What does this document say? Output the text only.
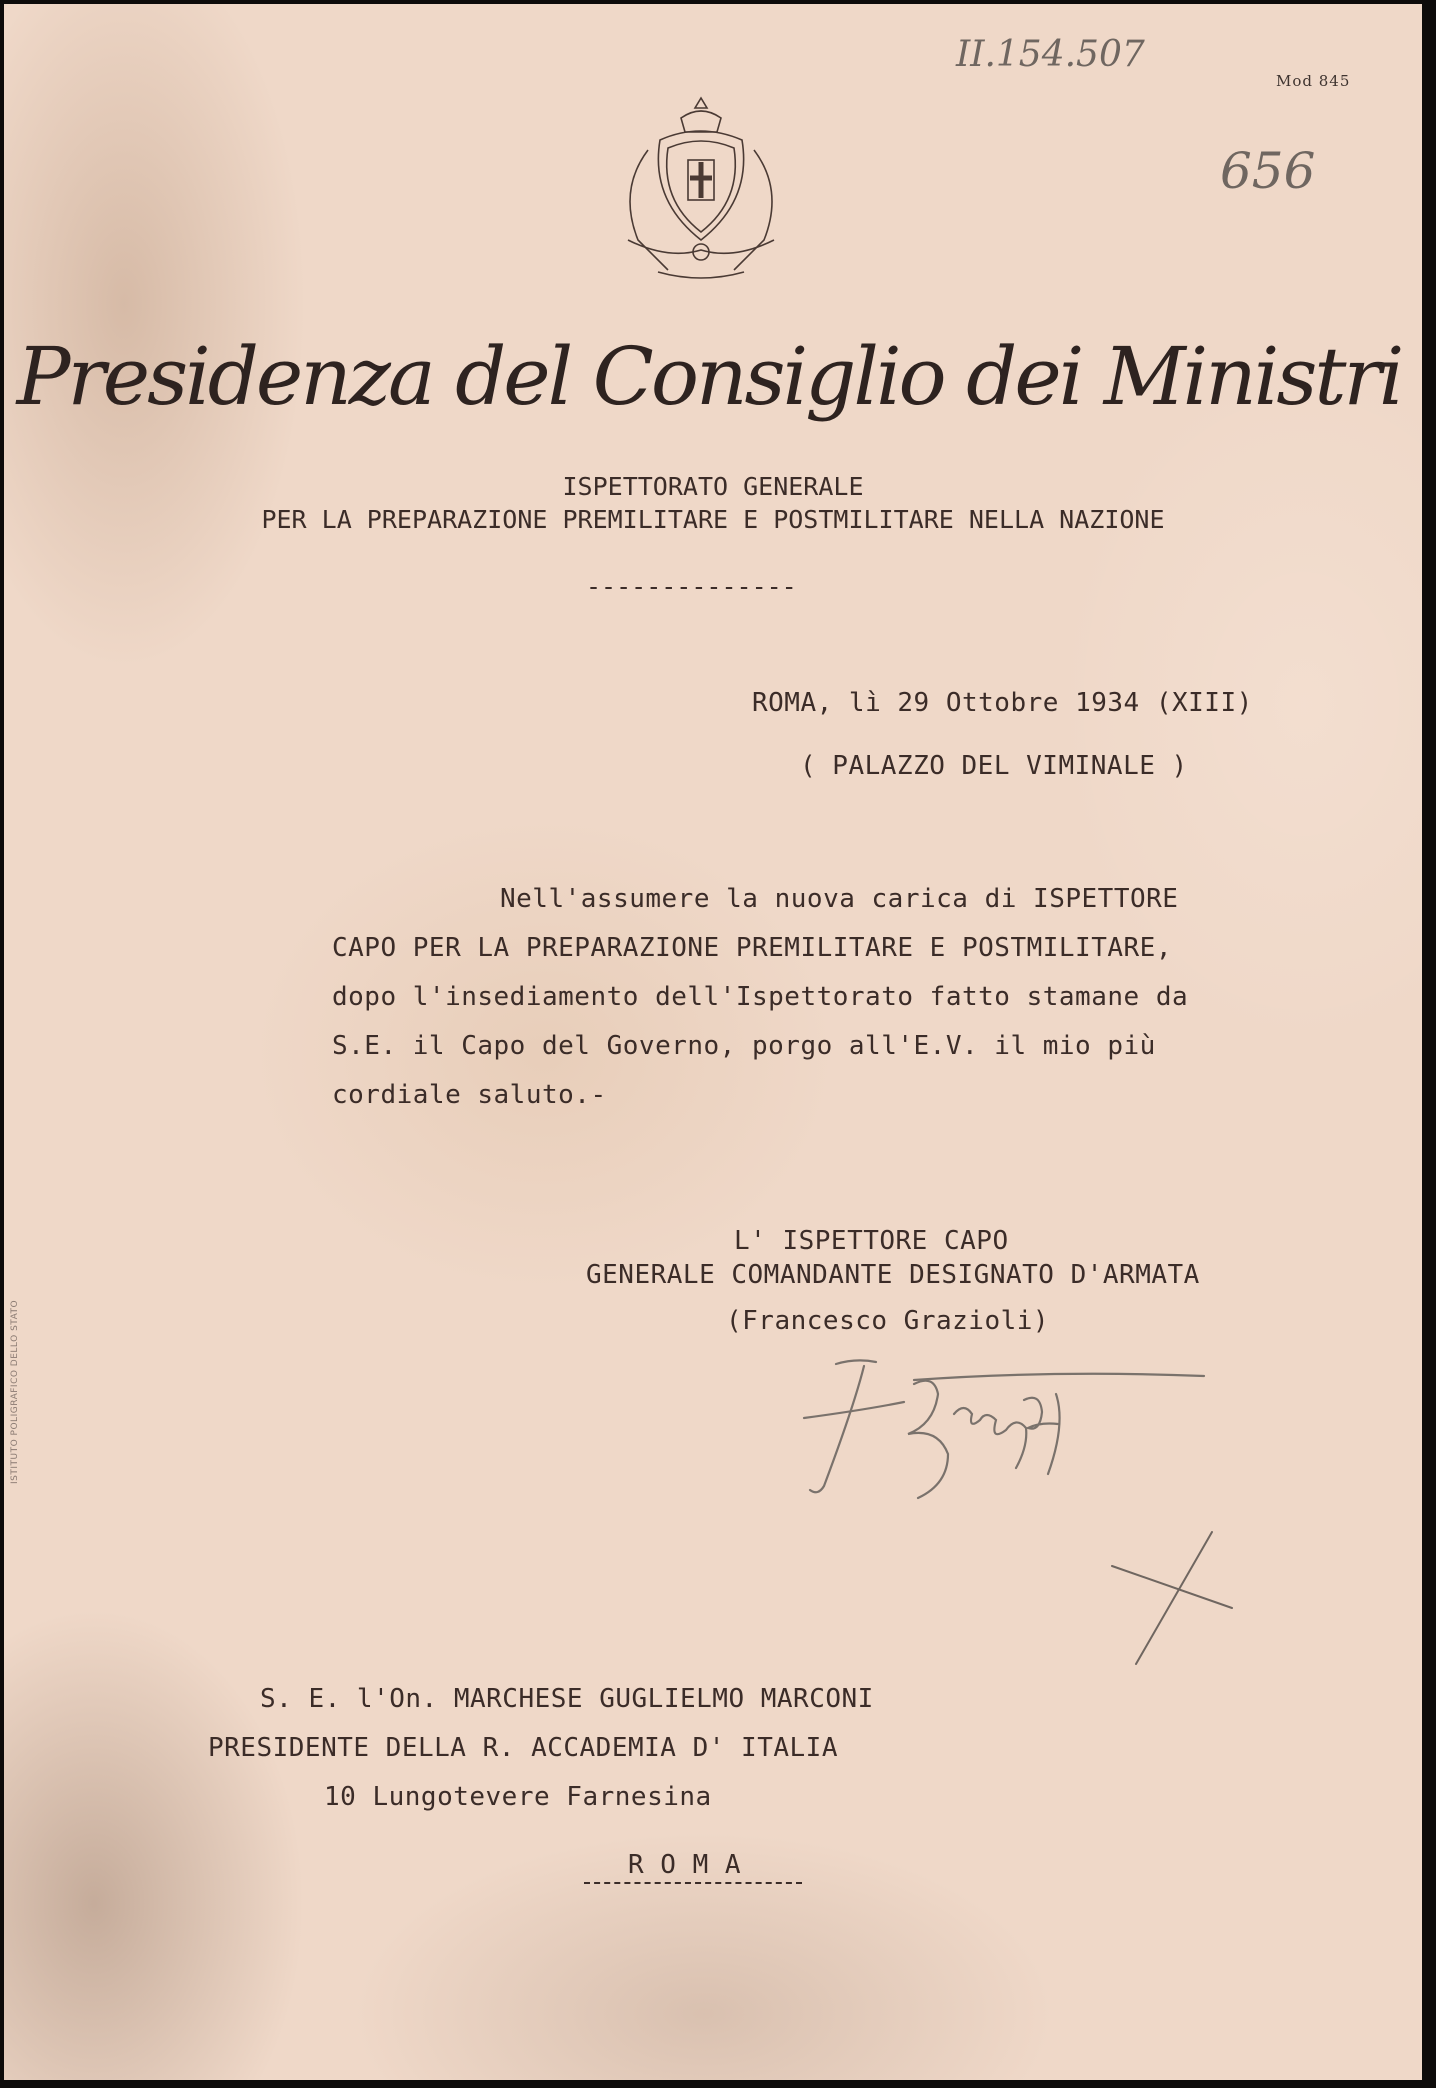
II.154.507
656
Mod 845
Presidenza del Consiglio dei Ministri
ISPETTORATO GENERALE
PER LA PREPARAZIONE PREMILITARE E POSTMILITARE NELLA NAZIONE
--------------
ROMA, lì 29 Ottobre 1934 (XIII)
( PALAZZO DEL VIMINALE )
Nell'assumere la nuova carica di ISPETTORE
CAPO PER LA PREPARAZIONE PREMILITARE E POSTMILITARE,
dopo l'insediamento dell'Ispettorato fatto stamane da
S.E. il Capo del Governo, porgo all'E.V. il mio più
cordiale saluto.-
L' ISPETTORE CAPO
GENERALE COMANDANTE DESIGNATO D'ARMATA
(Francesco Grazioli)
ISTITUTO POLIGRAFICO DELLO STATO
S. E. l'On. MARCHESE GUGLIELMO MARCONI
PRESIDENTE DELLA R. ACCADEMIA D' ITALIA
10 Lungotevere Farnesina
R O M A
